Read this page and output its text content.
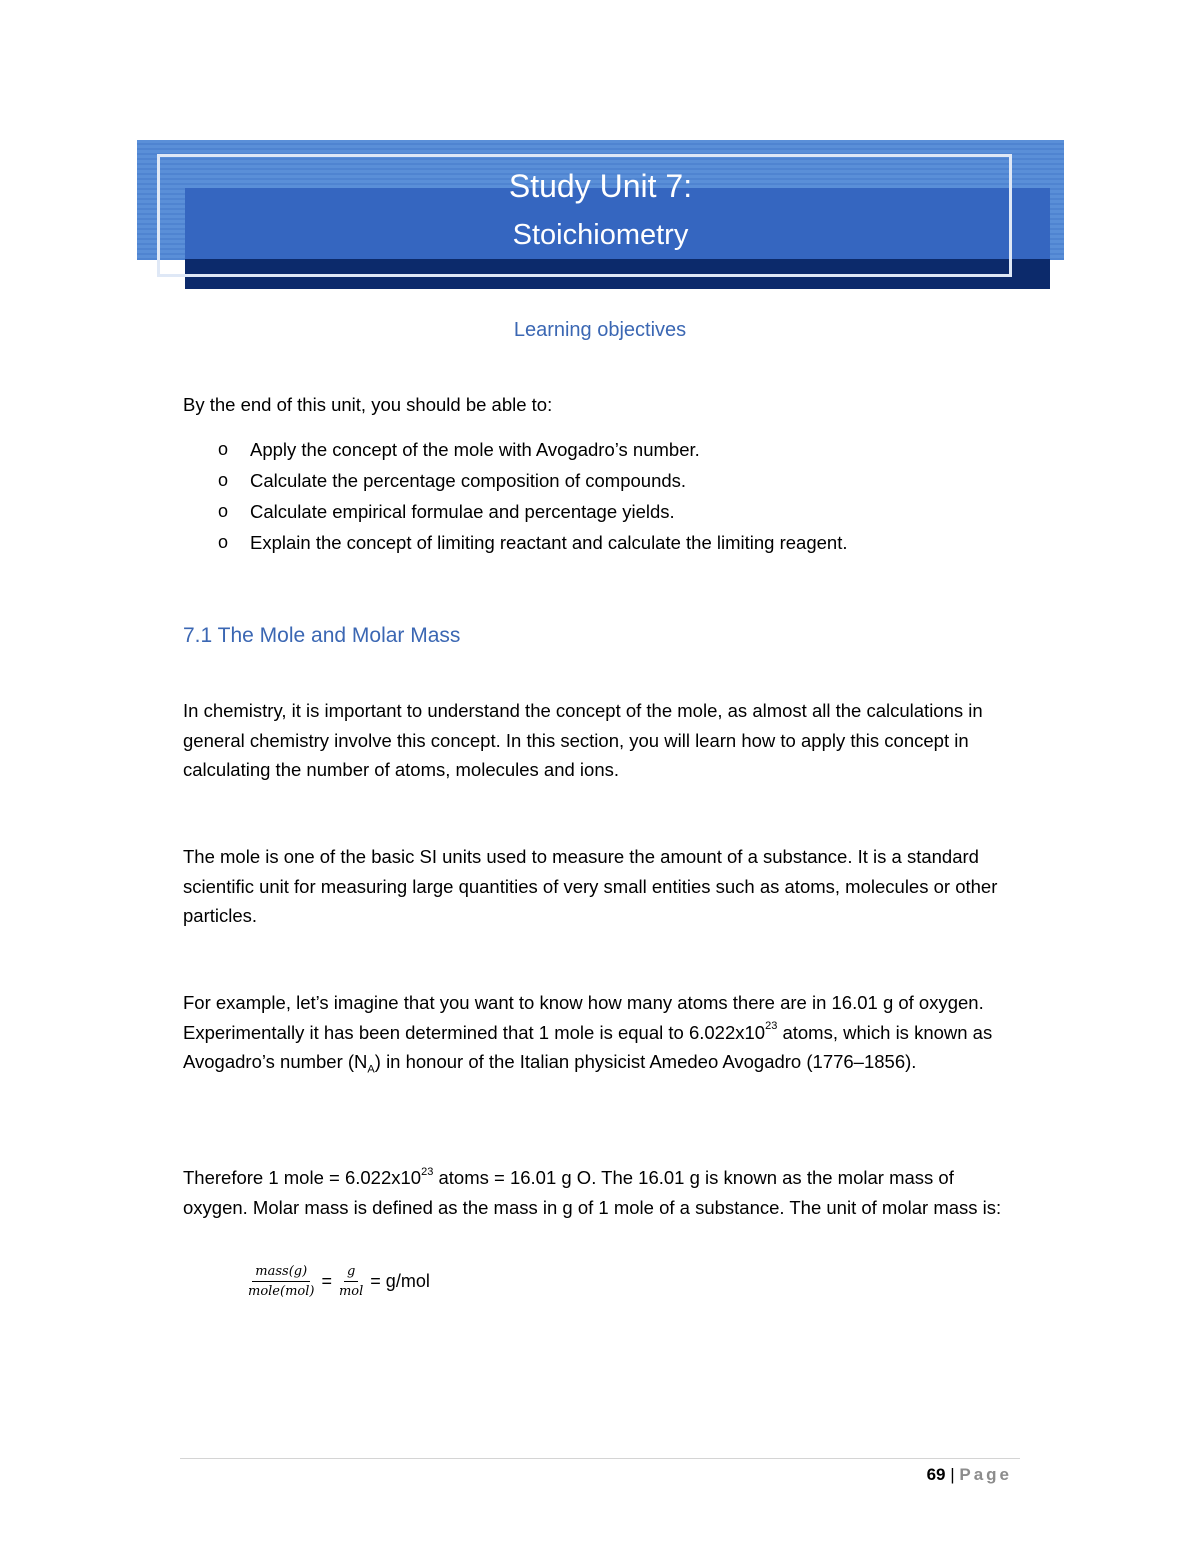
Study Unit 7:
Stoichiometry
Learning objectives
By the end of this unit, you should be able to:
o Apply the concept of the mole with Avogadro’s number.
o Calculate the percentage composition of compounds.
o Calculate empirical formulae and percentage yields.
o Explain the concept of limiting reactant and calculate the limiting reagent.
7.1 The Mole and Molar Mass

In chemistry, it is important to understand the concept of the mole, as almost all the calculations in general chemistry involve this concept. In this section, you will learn how to apply this concept in calculating the number of atoms, molecules and ions.

The mole is one of the basic SI units used to measure the amount of a substance. It is a standard scientific unit for measuring large quantities of very small entities such as atoms, molecules or other particles.

For example, let’s imagine that you want to know how many atoms there are in 16.01 g of oxygen. Experimentally it has been determined that 1 mole is equal to $6.022x10^{23}$ atoms, which is known as Avogadro’s number $(N_A)$ in honour of the Italian physicist Amedeo Avogadro (1776–1856).

Therefore 1 mole = $6.022x10^{23}$ atoms = 16.01 g O. The 16.01 g is known as the molar mass of oxygen. Molar mass is defined as the mass in g of 1 mole of a substance. The unit of molar mass is:

$\frac{\text{mass(g)}}{\text{mole(mol)}} = \frac{g}{\text{mol}} = g/mol$
69 | Page
